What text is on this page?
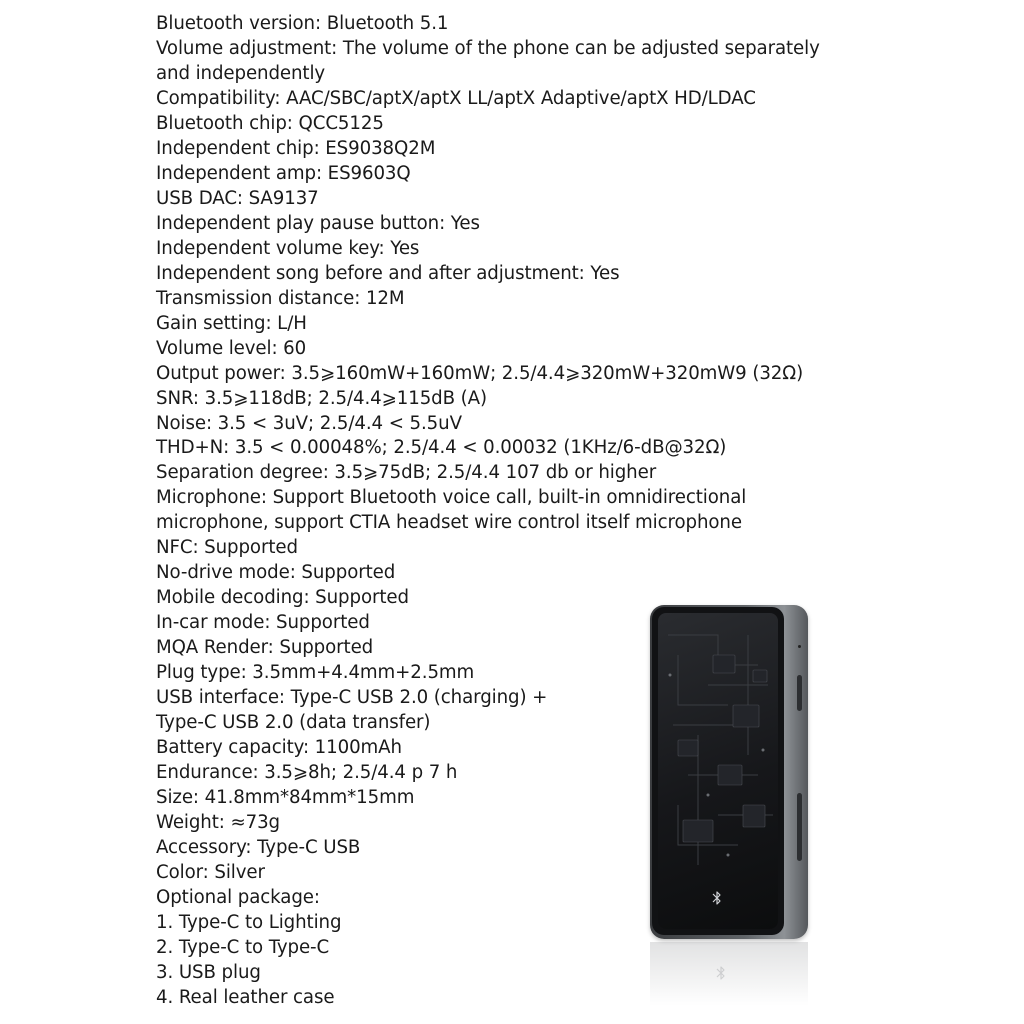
Bluetooth version: Bluetooth 5.1
Volume adjustment: The volume of the phone can be adjusted separately
and independently
Compatibility: AAC/SBC/aptX/aptX LL/aptX Adaptive/aptX HD/LDAC
Bluetooth chip: QCC5125
Independent chip: ES9038Q2M
Independent amp: ES9603Q
USB DAC: SA9137
Independent play pause button: Yes
Independent volume key: Yes
Independent song before and after adjustment: Yes
Transmission distance: 12M
Gain setting: L/H
Volume level: 60
Output power: 3.5⩾160mW+160mW; 2.5/4.4⩾320mW+320mW9 (32Ω)
SNR: 3.5⩾118dB; 2.5/4.4⩾115dB (A)
Noise: 3.5 < 3uV; 2.5/4.4 < 5.5uV
THD+N: 3.5 < 0.00048%; 2.5/4.4 < 0.00032 (1KHz/6-dB@32Ω)
Separation degree: 3.5⩾75dB; 2.5/4.4 107 db or higher
Microphone: Support Bluetooth voice call, built-in omnidirectional
microphone, support CTIA headset wire control itself microphone
NFC: Supported
No-drive mode: Supported
Mobile decoding: Supported
In-car mode: Supported
MQA Render: Supported
Plug type: 3.5mm+4.4mm+2.5mm
USB interface: Type-C USB 2.0 (charging) +
Type-C USB 2.0 (data transfer)
Battery capacity: 1100mAh
Endurance: 3.5⩾8h; 2.5/4.4 p 7 h
Size: 41.8mm*84mm*15mm
Weight: ≈73g
Accessory: Type-C USB
Color: Silver
Optional package:
1. Type-C to Lighting
2. Type-C to Type-C
3. USB plug
4. Real leather case
